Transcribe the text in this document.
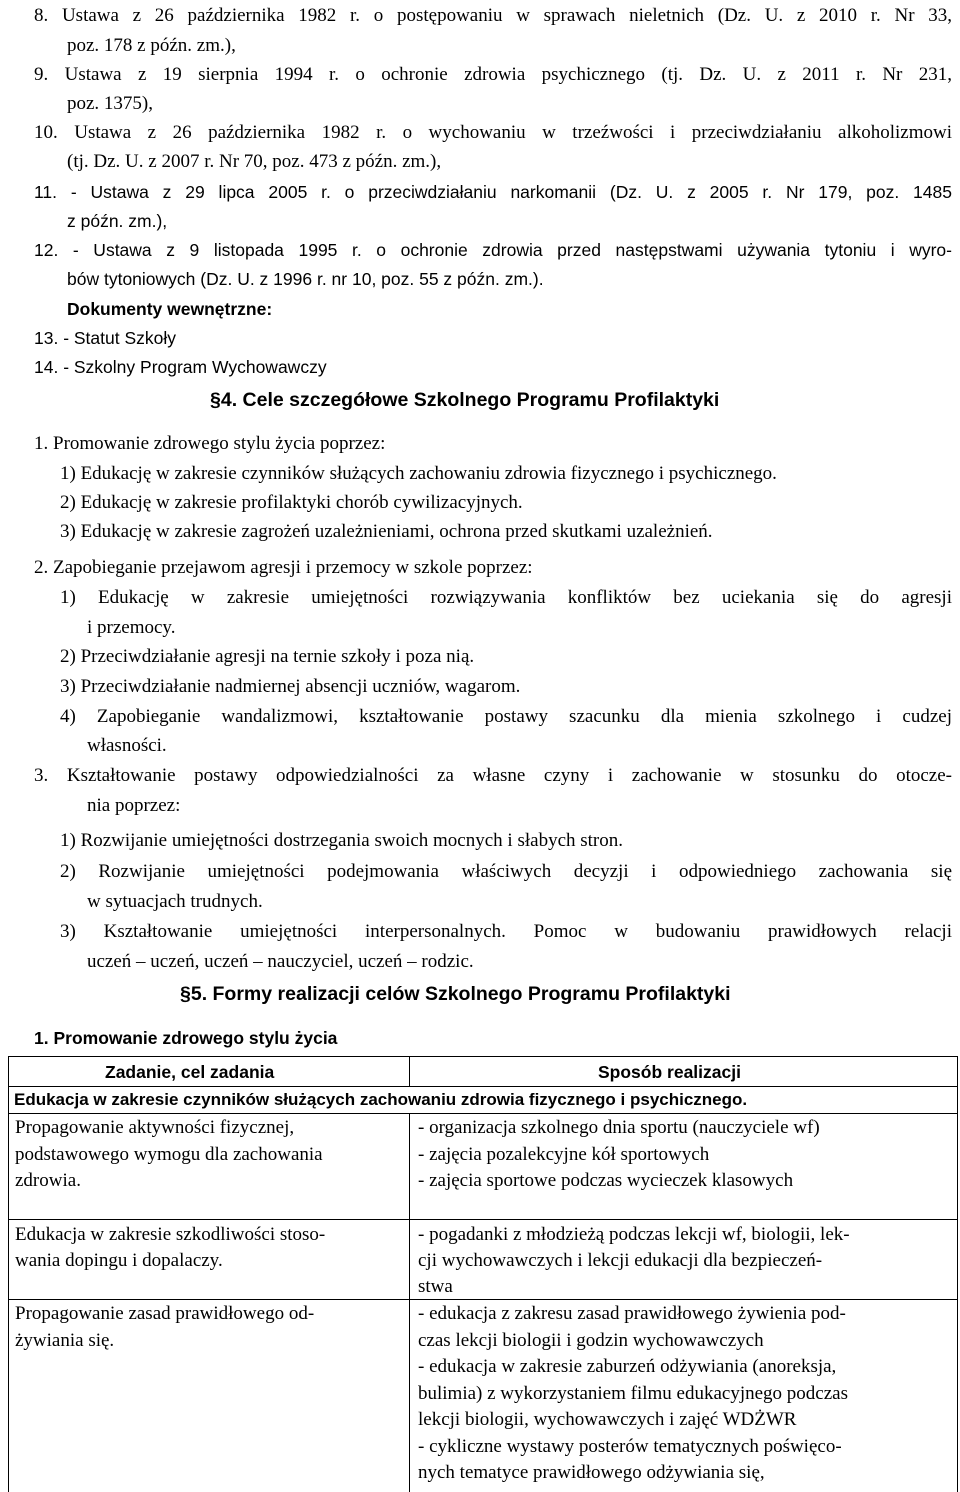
8. Ustawa z 26 października 1982 r. o postępowaniu w sprawach nieletnich (Dz. U. z 2010 r. Nr 33,
poz. 178 z późn. zm.),
9. Ustawa z 19 sierpnia 1994 r. o ochronie zdrowia psychicznego (tj. Dz. U. z 2011 r. Nr 231,
poz. 1375),
10. Ustawa z 26 października 1982 r. o wychowaniu w trzeźwości i przeciwdziałaniu alkoholizmowi
(tj. Dz. U. z 2007 r. Nr 70, poz. 473 z późn. zm.),
11. - Ustawa z 29 lipca 2005 r. o przeciwdziałaniu narkomanii (Dz. U. z 2005 r. Nr 179, poz. 1485
z późn. zm.),
12. - Ustawa z 9 listopada 1995 r. o ochronie zdrowia przed następstwami używania tytoniu i wyro-
bów tytoniowych (Dz. U. z 1996 r. nr 10, poz. 55 z późn. zm.).
Dokumenty wewnętrzne:
13. - Statut Szkoły
14. - Szkolny Program Wychowawczy
§4. Cele szczegółowe Szkolnego Programu Profilaktyki
1. Promowanie zdrowego stylu życia poprzez:
1) Edukację w zakresie czynników służących zachowaniu zdrowia fizycznego i psychicznego.
2) Edukację w zakresie profilaktyki chorób cywilizacyjnych.
3) Edukację w zakresie zagrożeń uzależnieniami, ochrona przed skutkami uzależnień.
2. Zapobieganie przejawom agresji i przemocy w szkole poprzez:
1) Edukację w zakresie umiejętności rozwiązywania konfliktów bez uciekania się do agresji
i przemocy.
2) Przeciwdziałanie agresji na ternie szkoły i poza nią.
3) Przeciwdziałanie nadmiernej absencji uczniów, wagarom.
4) Zapobieganie wandalizmowi, kształtowanie postawy szacunku dla mienia szkolnego i cudzej
własności.
3. Kształtowanie postawy odpowiedzialności za własne czyny i zachowanie w stosunku do otocze-
nia poprzez:
1) Rozwijanie umiejętności dostrzegania swoich mocnych i słabych stron.
2) Rozwijanie umiejętności podejmowania właściwych decyzji i odpowiedniego zachowania się
w sytuacjach trudnych.
3) Kształtowanie umiejętności interpersonalnych. Pomoc w budowaniu prawidłowych relacji
uczeń – uczeń, uczeń – nauczyciel, uczeń – rodzic.
§5. Formy realizacji celów Szkolnego Programu Profilaktyki
1. Promowanie zdrowego stylu życia
Zadanie, cel zadania	Sposób realizacji
Edukacja w zakresie czynników służących zachowaniu zdrowia fizycznego i psychicznego.
Propagowanie aktywności fizycznej,
podstawowego wymogu dla zachowania
zdrowia.
- organizacja szkolnego dnia sportu (nauczyciele wf)
- zajęcia pozalekcyjne kół sportowych
- zajęcia sportowe podczas wycieczek klasowych
Edukacja w zakresie szkodliwości stoso-
wania dopingu i dopalaczy.
- pogadanki z młodzieżą podczas lekcji wf, biologii, lek-
cji wychowawczych i lekcji edukacji dla bezpieczeń-
stwa
Propagowanie zasad prawidłowego od-
żywiania się.
- edukacja z zakresu zasad prawidłowego żywienia pod-
czas lekcji biologii i godzin wychowawczych
- edukacja w zakresie zaburzeń odżywiania (anoreksja,
bulimia) z wykorzystaniem filmu edukacyjnego podczas
lekcji biologii, wychowawczych i zajęć WDŻWR
- cykliczne wystawy posterów tematycznych poświęco-
nych tematyce prawidłowego odżywiania się,
